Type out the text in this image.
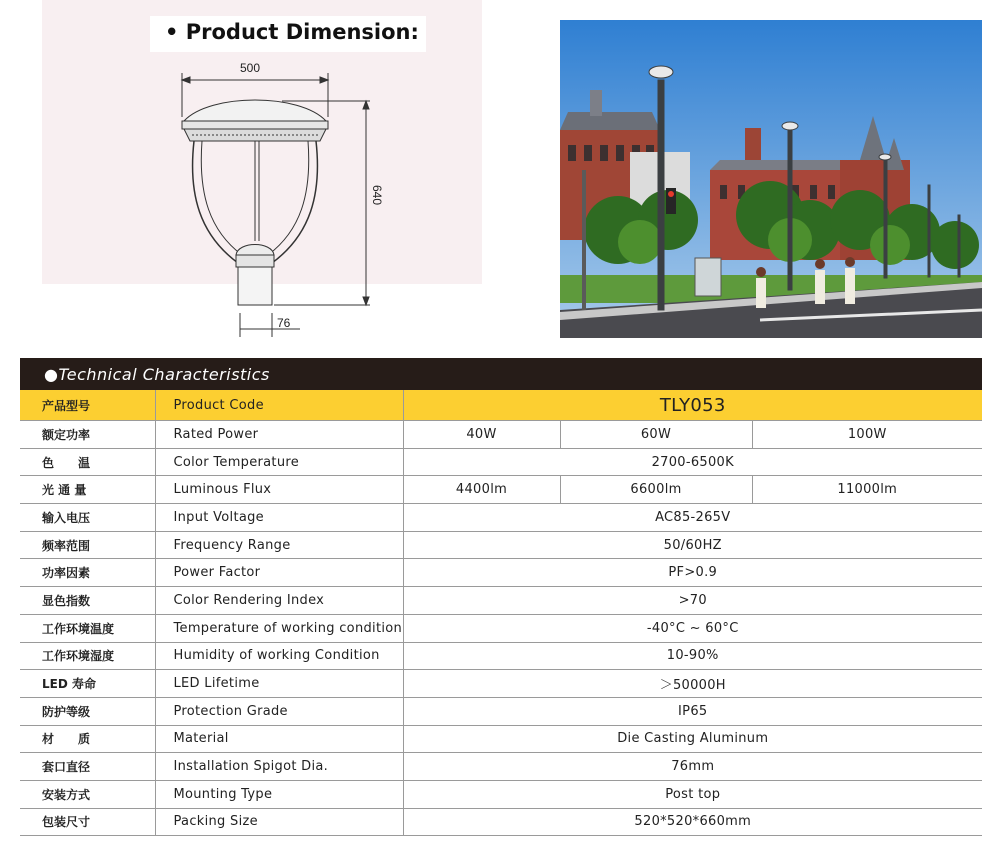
• Product Dimension:
500
640
76
●Technical Characteristics
产品型号	Product Code	TLY053		
额定功率	Rated Power	40W	60W	100W
色　　温	Color Temperature	2700-6500K		
光 通 量	Luminous Flux	4400lm	6600lm	11000lm
输入电压	Input Voltage	AC85-265V		
频率范围	Frequency Range	50/60HZ		
功率因素	Power Factor	PF>0.9		
显色指数	Color Rendering Index	>70		
工作环境温度	Temperature of working condition	-40°C ~ 60°C		
工作环境湿度	Humidity of working Condition	10-90%		
LED 寿命	LED Lifetime	＞50000H		
防护等级	Protection Grade	IP65		
材　　质	Material	Die Casting Aluminum		
套口直径	Installation Spigot Dia.	76mm		
安装方式	Mounting Type	Post top		
包装尺寸	Packing Size	520*520*660mm		
